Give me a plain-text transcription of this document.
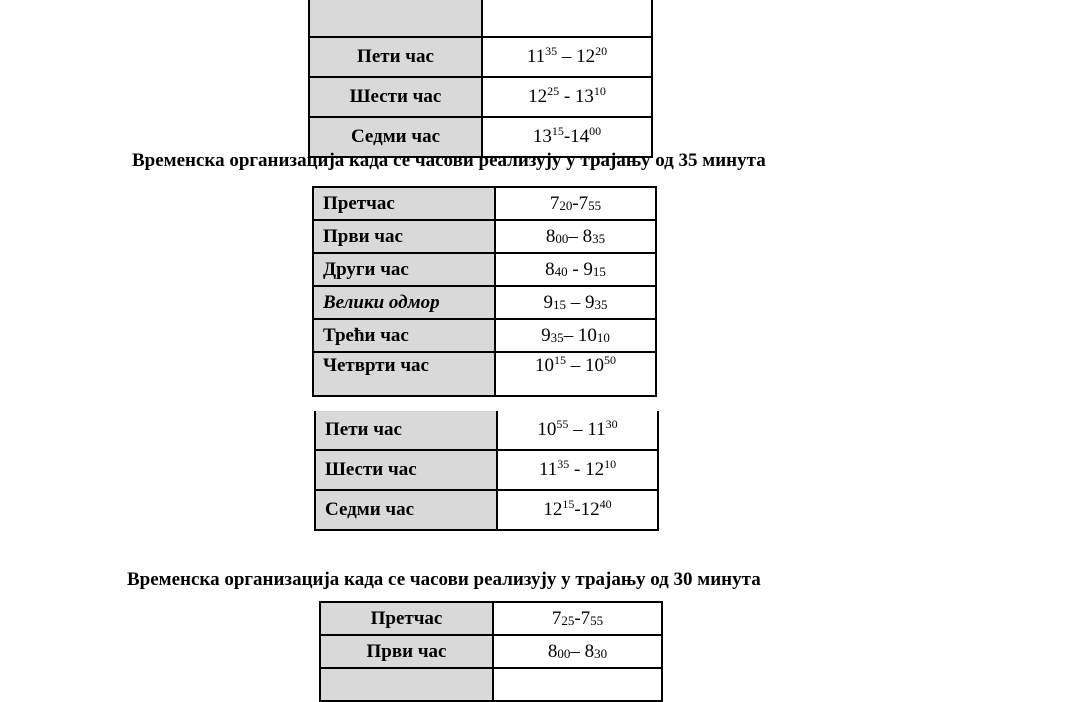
Пети час	$11^{35} - 12^{20}$
Шести час	$12^{25} - 13^{10}$
Седми час	$13^{15}-14^{00}$
Временска организација када се часови реализују у трајању од 35 минута
Претчас	$7_{20}-7_{55}$
Први час	$8_{00}-$ $8_{35}$
Други час	$8_{40} - 9_{15}$
Велики одмор	$9_{15} - 9_{35}$
Трећи час	$9_{35}-$ $10_{10}$
Четврти час	$10^{15} - 10^{50}$
Пети час	$10^{55} - 11^{30}$
Шести час	$11^{35} - 12^{10}$
Седми час	$12^{15}-12^{40}$
Временска организација када се часови реализују у трајању од 30 минута
Претчас	$7_{25}-7_{55}$
Први час	$8_{00}-$ $8_{30}$
